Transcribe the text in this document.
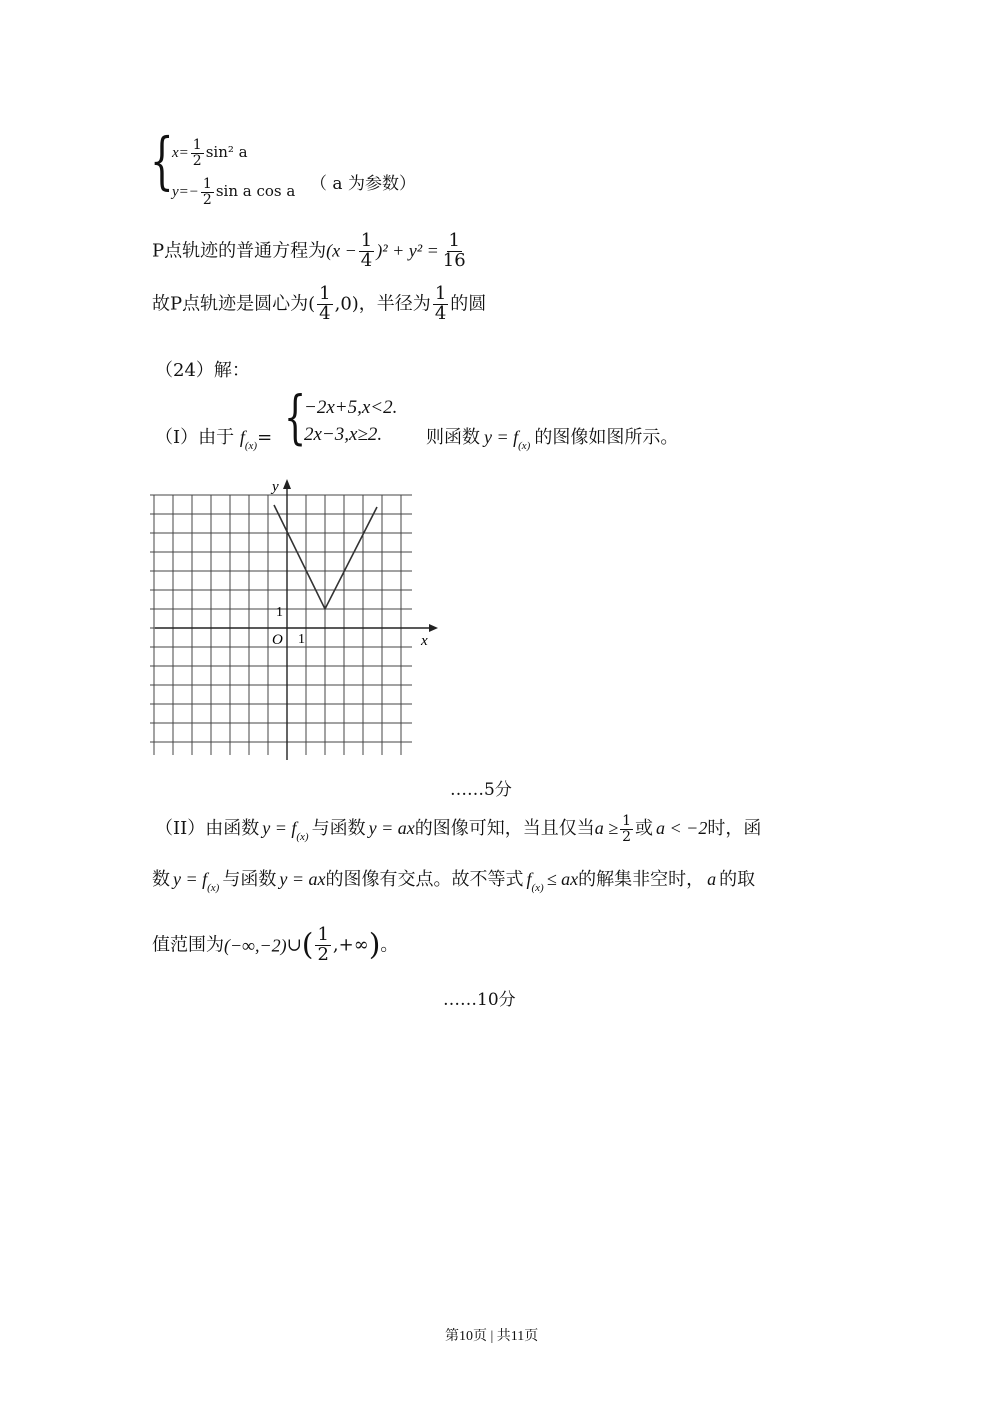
{
$x= \frac{1}{2} \sin^2$ a
$y=- \frac{1}{2}$ sin a cos a （ a 为参数）
P点轨迹的普通方程为$(x - \frac{1}{4} )^2 + y^2 = \frac{1}{16}$
故P点轨迹是圆心为( $\frac{1}{4} ,0$)，半径为 $\frac{1}{4}$ 的圆
（24）解：
{
−2x+5,x<2.
2x−3,x≥2.
（I）由于 $f_{(x)}=$	则函数 $y = f_{(x)}$ 的图像如图所示。
y
x
O 1
1
……5分
（II）由函数 $y = f_{(x)}$ 与函数 y = ax的图像可知，当且仅当$a \ge \frac{1}{2}$ 或 a < −2时，函
数 $y = f_{(x)}$ 与函数 y = ax的图像有交点。故不等式 $f_{(x)}$ ≤ ax的解集非空时， a 的取
值范围为(−∞,−2)∪( $\frac{1}{2}$ ,+∞)。
……10分
第10页 | 共11页
